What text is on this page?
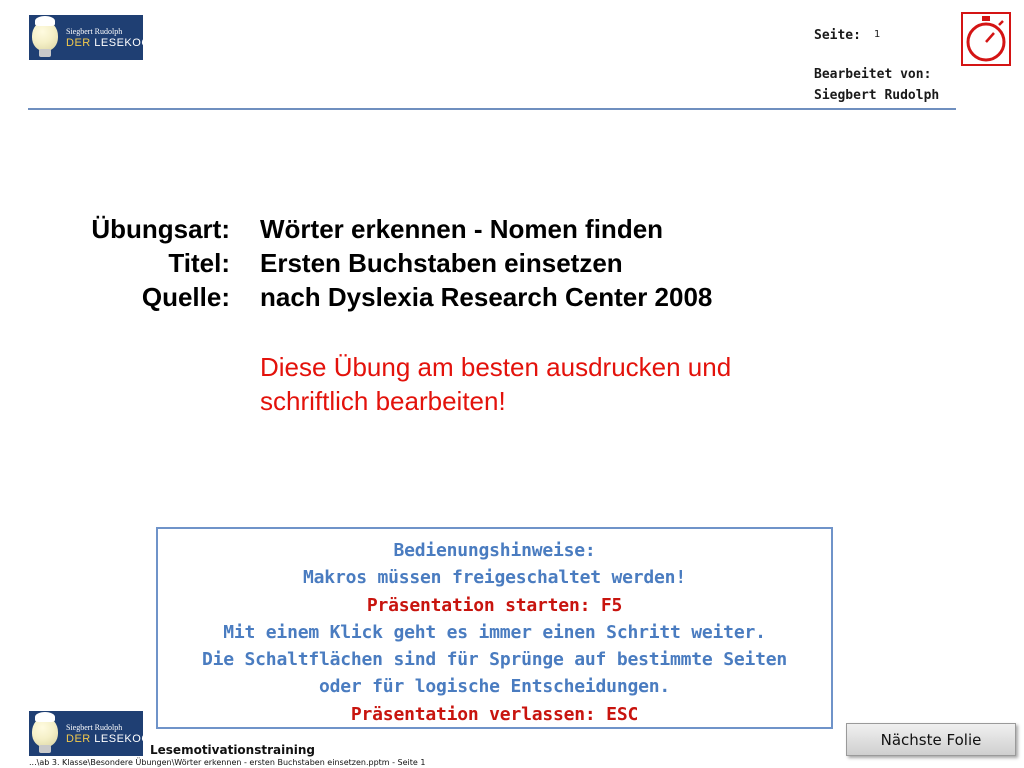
Siegbert Rudolph
DER LESEKOCH	Seite: 1
Bearbeitet von:
Siegbert Rudolph
Übungsart: Wörter erkennen - Nomen finden
Titel: Ersten Buchstaben einsetzen
Quelle: nach Dyslexia Research Center 2008
Diese Übung am besten ausdrucken und
schriftlich bearbeiten!
Bedienungshinweise:
Makros müssen freigeschaltet werden!
Präsentation starten: F5
Mit einem Klick geht es immer einen Schritt weiter.
Die Schaltflächen sind für Sprünge auf bestimmte Seiten
oder für logische Entscheidungen.
Präsentation verlassen: ESC
Siegbert Rudolph
DER LESEKOCH
Lesemotivationstraining
...\ab 3. Klasse\Besondere Übungen\Wörter erkennen - ersten Buchstaben einsetzen.pptm - Seite 1
Nächste Folie
